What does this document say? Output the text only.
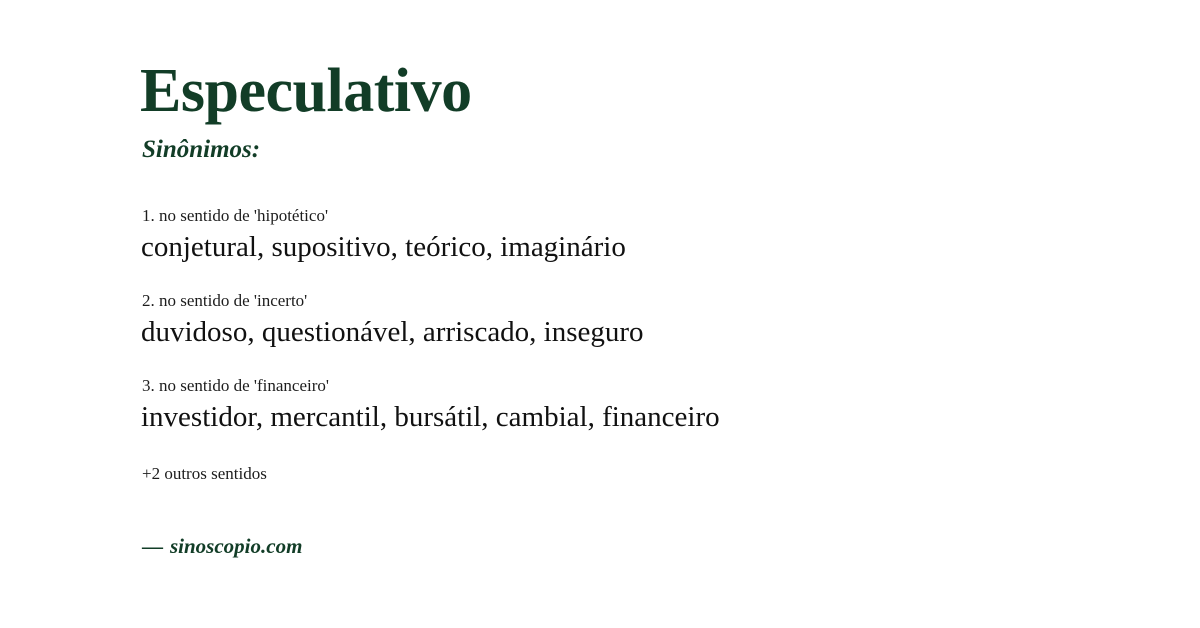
Especulativo
Sinônimos:
1. no sentido de 'hipotético'
conjetural, supositivo, teórico, imaginário
2. no sentido de 'incerto'
duvidoso, questionável, arriscado, inseguro
3. no sentido de 'financeiro'
investidor, mercantil, bursátil, cambial, financeiro
+2 outros sentidos
— sinoscopio.com
